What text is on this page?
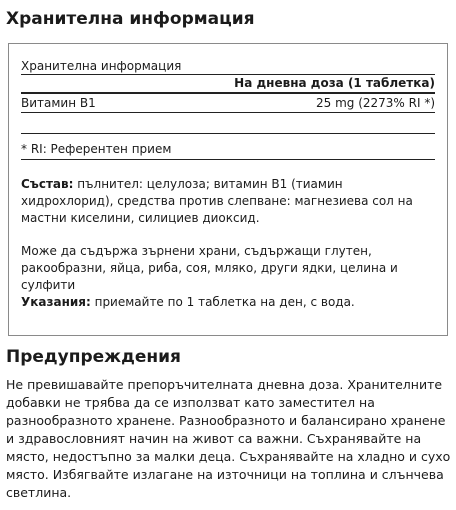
Хранителна информация
Хранителна информация
На дневна доза (1 таблетка)
Витамин B1	25 mg (2273% RI *)
* RI: Референтен прием

Състав: пълнител: целулоза; витамин B1 (тиамин хидрохлорид), средства против слепване: магнезиева сол на мастни киселини, силициев диоксид.

Може да съдържа зърнени храни, съдържащи глутен, ракообразни, яйца, риба, соя, мляко, други ядки, целина и сулфити

Указания: приемайте по 1 таблетка на ден, с вода.

Предупреждения

Не превишавайте препоръчителната дневна доза. Хранителните добавки не трябва да се използват като заместител на разнообразното хранене. Разнообразното и балансирано хранене и здравословният начин на живот са важни. Съхранявайте на място, недостъпно за малки деца. Съхранявайте на хладно и сухо място. Избягвайте излагане на източници на топлина и слънчева светлина.
